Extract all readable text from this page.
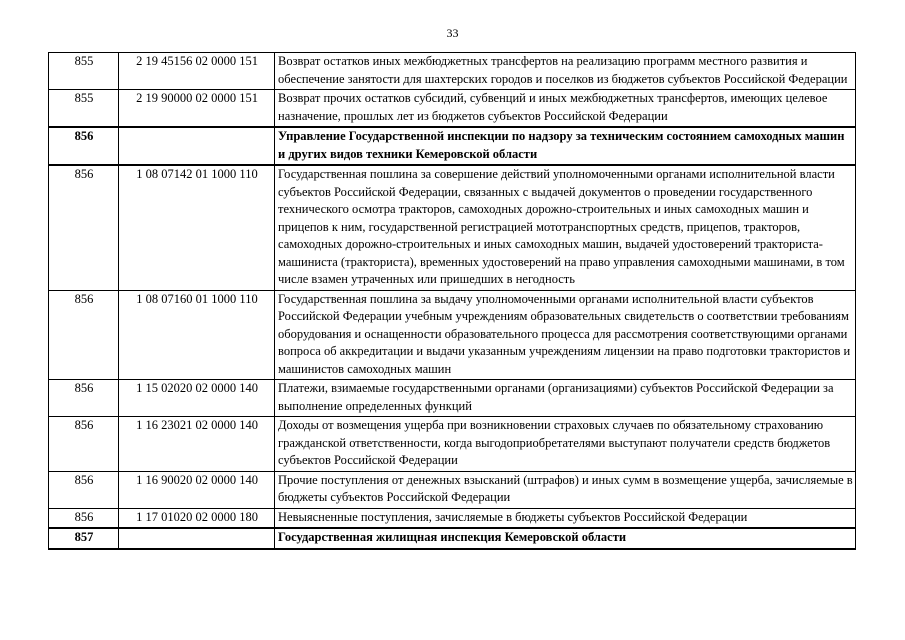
33
855	2 19 45156 02 0000 151	Возврат остатков иных межбюджетных трансфертов на реализацию программ местного развития и обеспечение занятости для шахтерских городов и поселков из бюджетов субъектов Российской Федерации
855	2 19 90000 02 0000 151	Возврат прочих остатков субсидий, субвенций и иных межбюджетных трансфертов, имеющих целевое назначение, прошлых лет из бюджетов субъектов Российской Федерации
856		Управление Государственной инспекции по надзору за техническим состоянием самоходных машин и других видов техники Кемеровской области
856	1 08 07142 01 1000 110	Государственная пошлина за совершение действий уполномоченными органами исполнительной власти субъектов Российской Федерации, связанных с выдачей документов о проведении государственного технического осмотра тракторов, самоходных дорожно-строительных и иных самоходных машин и прицепов к ним, государственной регистрацией мототранспортных средств, прицепов, тракторов, самоходных дорожно-строительных и иных самоходных машин, выдачей удостоверений тракториста-машиниста (тракториста), временных удостоверений на право управления самоходными машинами, в том числе взамен утраченных или пришедших в негодность
856	1 08 07160 01 1000 110	Государственная пошлина за выдачу уполномоченными органами исполнительной власти субъектов Российской Федерации учебным учреждениям образовательных свидетельств о соответствии требованиям оборудования и оснащенности образовательного процесса для рассмотрения соответствующими органами вопроса об аккредитации и выдачи указанным учреждениям лицензии на право подготовки трактористов и машинистов самоходных машин
856	1 15 02020 02 0000 140	Платежи, взимаемые государственными органами (организациями) субъектов Российской Федерации за выполнение определенных функций
856	1 16 23021 02 0000 140	Доходы от возмещения ущерба при возникновении страховых случаев по обязательному страхованию гражданской ответственности, когда выгодоприобретателями выступают получатели средств бюджетов субъектов Российской Федерации
856	1 16 90020 02 0000 140	Прочие поступления от денежных взысканий (штрафов) и иных сумм в возмещение ущерба, зачисляемые в бюджеты субъектов Российской Федерации
856	1 17 01020 02 0000 180	Невыясненные поступления, зачисляемые в бюджеты субъектов Российской Федерации
857		Государственная жилищная инспекция Кемеровской области
